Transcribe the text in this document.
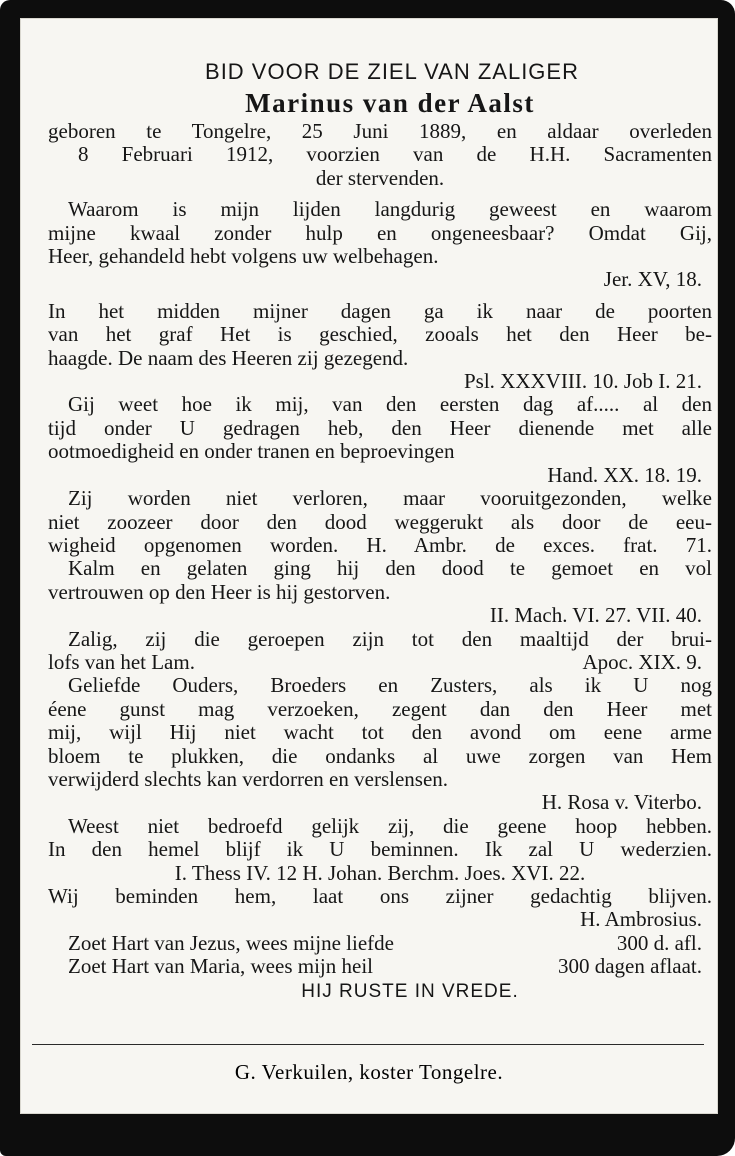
BID VOOR DE ZIEL VAN ZALIGER
Marinus van der Aalst
geboren te Tongelre, 25 Juni 1889, en aldaar overleden
8 Februari 1912, voorzien van de H.H. Sacramenten
der stervenden.
Waarom is mijn lijden langdurig geweest en waarom
mijne kwaal zonder hulp en ongeneesbaar? Omdat Gij,
Heer, gehandeld hebt volgens uw welbehagen.
Jer. XV, 18.
In het midden mijner dagen ga ik naar de poorten
van het graf Het is geschied, zooals het den Heer be-
haagde. De naam des Heeren zij gezegend.
Psl. XXXVIII. 10. Job I. 21.
Gij weet hoe ik mij, van den eersten dag af..... al den
tijd onder U gedragen heb, den Heer dienende met alle
ootmoedigheid en onder tranen en beproevingen
Hand. XX. 18. 19.
Zij worden niet verloren, maar vooruitgezonden, welke
niet zoozeer door den dood weggerukt als door de eeu-
wigheid opgenomen worden. H. Ambr. de exces. frat. 71.
Kalm en gelaten ging hij den dood te gemoet en vol
vertrouwen op den Heer is hij gestorven.
II. Mach. VI. 27. VII. 40.
Zalig, zij die geroepen zijn tot den maaltijd der brui-
lofs van het Lam.	Apoc. XIX. 9.
Geliefde Ouders, Broeders en Zusters, als ik U nog
éene gunst mag verzoeken, zegent dan den Heer met
mij, wijl Hij niet wacht tot den avond om eene arme
bloem te plukken, die ondanks al uwe zorgen van Hem
verwijderd slechts kan verdorren en verslensen.
H. Rosa v. Viterbo.
Weest niet bedroefd gelijk zij, die geene hoop hebben.
In den hemel blijf ik U beminnen. Ik zal U wederzien.
I. Thess IV. 12 H. Johan. Berchm. Joes. XVI. 22.
Wij beminden hem, laat ons zijner gedachtig blijven.
H. Ambrosius.
Zoet Hart van Jezus, wees mijne liefde	300 d. afl.
Zoet Hart van Maria, wees mijn heil	300 dagen aflaat.
HIJ RUSTE IN VREDE.
G. Verkuilen, koster Tongelre.
